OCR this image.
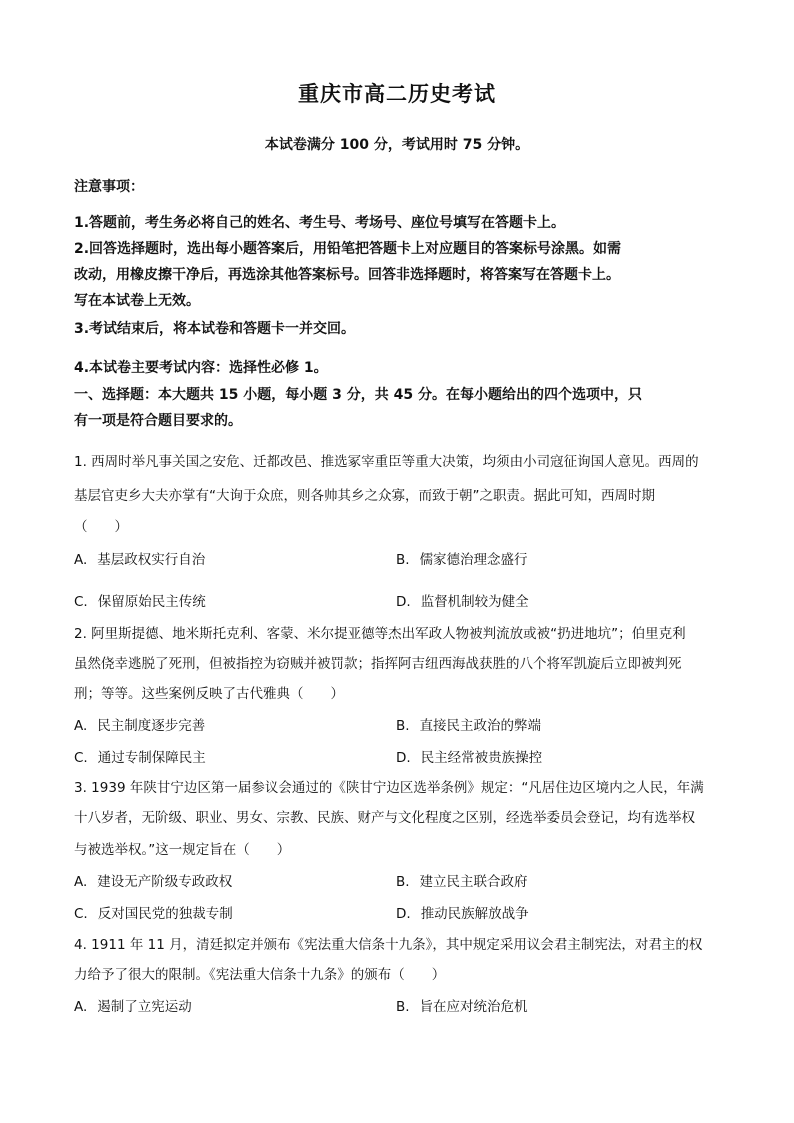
重庆市高二历史考试
本试卷满分 100 分，考试用时 75 分钟。
注意事项：
1.答题前，考生务必将自己的姓名、考生号、考场号、座位号填写在答题卡上。
2.回答选择题时，选出每小题答案后，用铅笔把答题卡上对应题目的答案标号涂黑。如需
改动，用橡皮擦干净后，再选涂其他答案标号。回答非选择题时，将答案写在答题卡上。
写在本试卷上无效。
3.考试结束后，将本试卷和答题卡一并交回。
4.本试卷主要考试内容：选择性必修 1。
一、选择题：本大题共 15 小题，每小题 3 分，共 45 分。在每小题给出的四个选项中，只
有一项是符合题目要求的。
1. 西周时举凡事关国之安危、迁都改邑、推选冢宰重臣等重大决策，均须由小司寇征询国人意见。西周的
基层官吏乡大夫亦掌有“大询于众庶，则各帅其乡之众寡，而致于朝”之职责。据此可知，西周时期
（　　）
A. 基层政权实行自治	B. 儒家德治理念盛行
C. 保留原始民主传统	D. 监督机制较为健全
2. 阿里斯提德、地米斯托克利、客蒙、米尔提亚德等杰出军政人物被判流放或被“扔进地坑”；伯里克利
虽然侥幸逃脱了死刑，但被指控为窃贼并被罚款；指挥阿吉纽西海战获胜的八个将军凯旋后立即被判死
刑；等等。这些案例反映了古代雅典（　　）
A. 民主制度逐步完善	B. 直接民主政治的弊端
C. 通过专制保障民主	D. 民主经常被贵族操控
3. 1939 年陕甘宁边区第一届参议会通过的《陕甘宁边区选举条例》规定：“凡居住边区境内之人民，年满
十八岁者，无阶级、职业、男女、宗教、民族、财产与文化程度之区别，经选举委员会登记，均有选举权
与被选举权。”这一规定旨在（　　）
A. 建设无产阶级专政政权	B. 建立民主联合政府
C. 反对国民党的独裁专制	D. 推动民族解放战争
4. 1911 年 11 月，清廷拟定并颁布《宪法重大信条十九条》，其中规定采用议会君主制宪法，对君主的权
力给予了很大的限制。《宪法重大信条十九条》的颁布（　　）
A. 遏制了立宪运动	B. 旨在应对统治危机
